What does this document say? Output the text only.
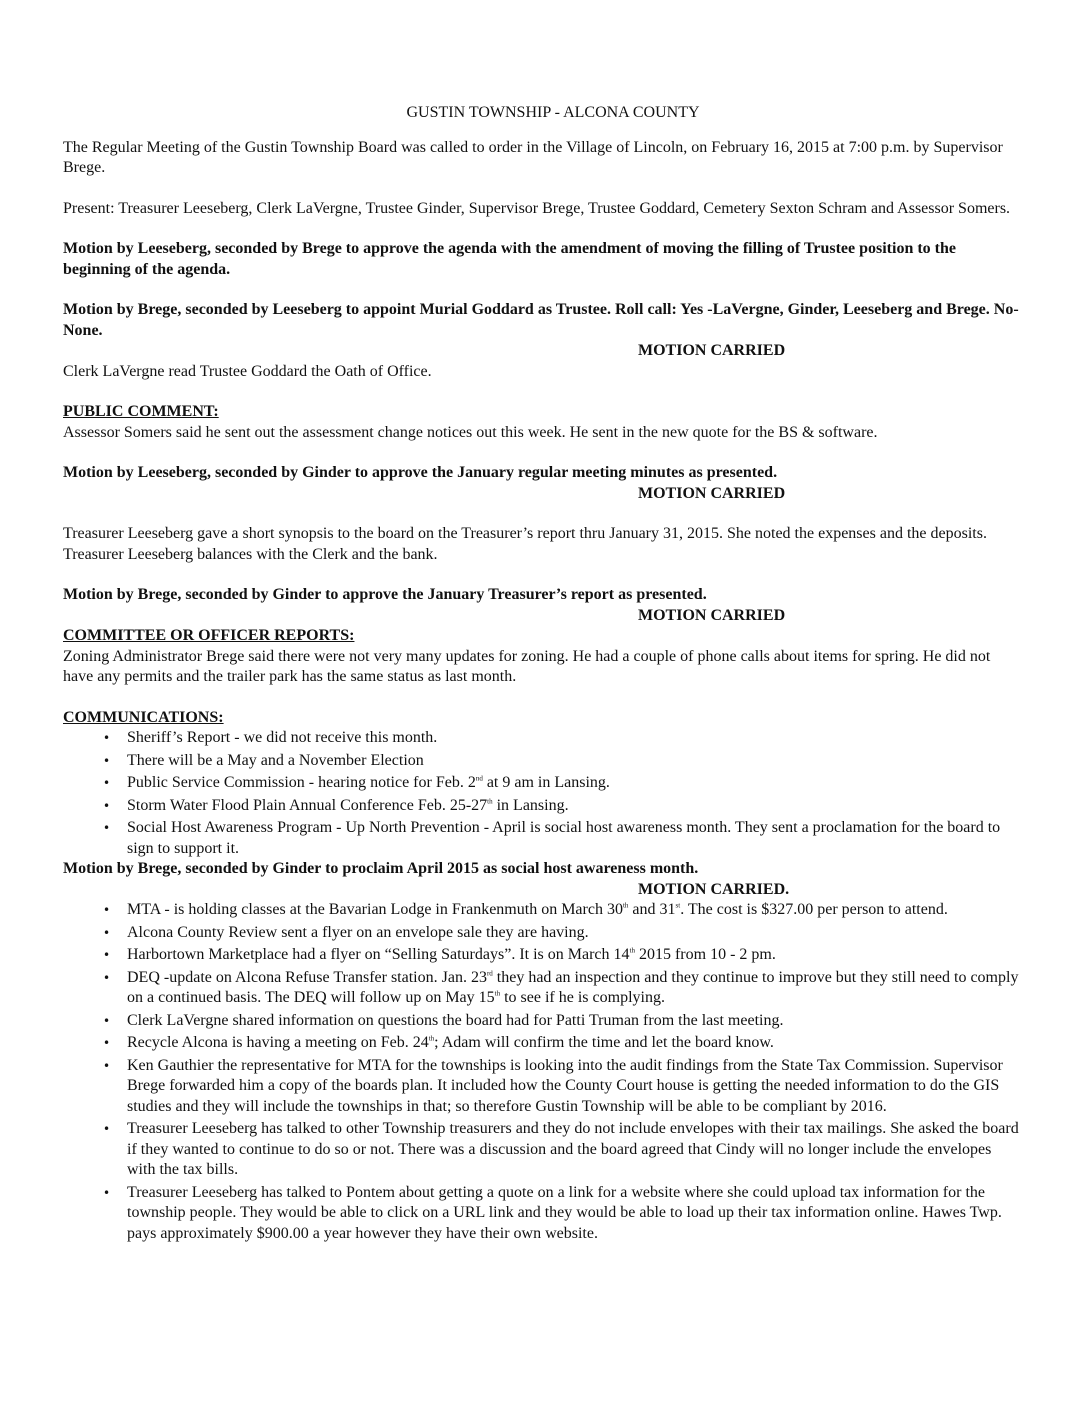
GUSTIN TOWNSHIP - ALCONA COUNTY

The Regular Meeting of the Gustin Township Board was called to order in the Village of Lincoln, on February 16, 2015 at 7:00 p.m. by Supervisor Brege.

Present: Treasurer Leeseberg, Clerk LaVergne, Trustee Ginder, Supervisor Brege, Trustee Goddard, Cemetery Sexton Schram and Assessor Somers.

Motion by Leeseberg, seconded by Brege to approve the agenda with the amendment of moving the filling of Trustee position to the beginning of the agenda.

Motion by Brege, seconded by Leeseberg to appoint Murial Goddard as Trustee. Roll call: Yes -LaVergne, Ginder, Leeseberg and Brege. No- None.

MOTION CARRIED

Clerk LaVergne read Trustee Goddard the Oath of Office.

PUBLIC COMMENT:

Assessor Somers said he sent out the assessment change notices out this week. He sent in the new quote for the BS & software.

Motion by Leeseberg, seconded by Ginder to approve the January regular meeting minutes as presented.

MOTION CARRIED

Treasurer Leeseberg gave a short synopsis to the board on the Treasurer’s report thru January 31, 2015. She noted the expenses and the deposits. Treasurer Leeseberg balances with the Clerk and the bank.

Motion by Brege, seconded by Ginder to approve the January Treasurer’s report as presented.

MOTION CARRIED

COMMITTEE OR OFFICER REPORTS:

Zoning Administrator Brege said there were not very many updates for zoning. He had a couple of phone calls about items for spring. He did not have any permits and the trailer park has the same status as last month.

COMMUNICATIONS:

• Sheriff’s Report - we did not receive this month.
• There will be a May and a November Election
• Public Service Commission - hearing notice for Feb. 2nd at 9 am in Lansing.
• Storm Water Flood Plain Annual Conference Feb. 25-27th in Lansing.
• Social Host Awareness Program - Up North Prevention - April is social host awareness month. They sent a proclamation for the board to sign to support it.

Motion by Brege, seconded by Ginder to proclaim April 2015 as social host awareness month.

MOTION CARRIED.

• MTA - is holding classes at the Bavarian Lodge in Frankenmuth on March 30th and 31st. The cost is $327.00 per person to attend.
• Alcona County Review sent a flyer on an envelope sale they are having.
• Harbortown Marketplace had a flyer on “Selling Saturdays”. It is on March 14th 2015 from 10 - 2 pm.
• DEQ -update on Alcona Refuse Transfer station. Jan. 23rd they had an inspection and they continue to improve but they still need to comply on a continued basis. The DEQ will follow up on May 15th to see if he is complying.
• Clerk LaVergne shared information on questions the board had for Patti Truman from the last meeting.
• Recycle Alcona is having a meeting on Feb. 24th; Adam will confirm the time and let the board know.
• Ken Gauthier the representative for MTA for the townships is looking into the audit findings from the State Tax Commission. Supervisor Brege forwarded him a copy of the boards plan. It included how the County Court house is getting the needed information to do the GIS studies and they will include the townships in that; so therefore Gustin Township will be able to be compliant by 2016.
• Treasurer Leeseberg has talked to other Township treasurers and they do not include envelopes with their tax mailings. She asked the board if they wanted to continue to do so or not. There was a discussion and the board agreed that Cindy will no longer include the envelopes with the tax bills.
• Treasurer Leeseberg has talked to Pontem about getting a quote on a link for a website where she could upload tax information for the township people. They would be able to click on a URL link and they would be able to load up their tax information online. Hawes Twp. pays approximately $900.00 a year however they have their own website.
